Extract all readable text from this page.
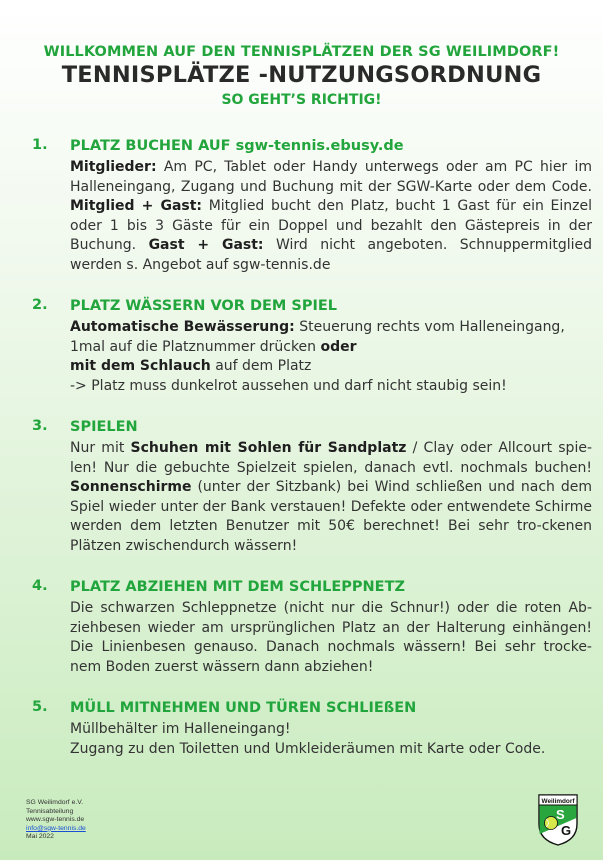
WILLKOMMEN AUF DEN TENNISPLÄTZEN DER SG WEILIMDORF!
TENNISPLÄTZE -NUTZUNGSORDNUNG
SO GEHT’S RICHTIG!
1. PLATZ BUCHEN AUF sgw-tennis.ebusy.de
Mitglieder: Am PC, Tablet oder Handy unterwegs oder am PC hier im Halleneingang, Zugang und Buchung mit der SGW-Karte oder dem Code. Mitglied + Gast: Mitglied bucht den Platz, bucht 1 Gast für ein Einzel oder 1 bis 3 Gäste für ein Doppel und bezahlt den Gästepreis in der Buchung. Gast + Gast: Wird nicht angeboten. Schnuppermitglied werden s. Angebot auf sgw-tennis.de
2. PLATZ WÄSSERN VOR DEM SPIEL
Automatische Bewässerung: Steuerung rechts vom Halleneingang,
1mal auf die Platznummer drücken oder
mit dem Schlauch auf dem Platz
-> Platz muss dunkelrot aussehen und darf nicht staubig sein!
3. SPIELEN
Nur mit Schuhen mit Sohlen für Sandplatz / Clay oder Allcourt spie-len! Nur die gebuchte Spielzeit spielen, danach evtl. nochmals buchen! Sonnenschirme (unter der Sitzbank) bei Wind schließen und nach dem Spiel wieder unter der Bank verstauen! Defekte oder entwendete Schirme werden dem letzten Benutzer mit 50€ berechnet! Bei sehr tro-ckenen Plätzen zwischendurch wässern!
4. PLATZ ABZIEHEN MIT DEM SCHLEPPNETZ
Die schwarzen Schleppnetze (nicht nur die Schnur!) oder die roten Ab-ziehbesen wieder am ursprünglichen Platz an der Halterung einhängen! Die Linienbesen genauso. Danach nochmals wässern! Bei sehr trocke-nem Boden zuerst wässern dann abziehen!
5. MÜLL MITNEHMEN UND TÜREN SCHLIEßEN
Müllbehälter im Halleneingang!
Zugang zu den Toiletten und Umkleideräumen mit Karte oder Code.
SG Weilimdorf e.V.
Tennisabteilung
www.sgw-tennis.de
info@sgw-tennis.de
Mai 2022
Weilimdorf
S
G
